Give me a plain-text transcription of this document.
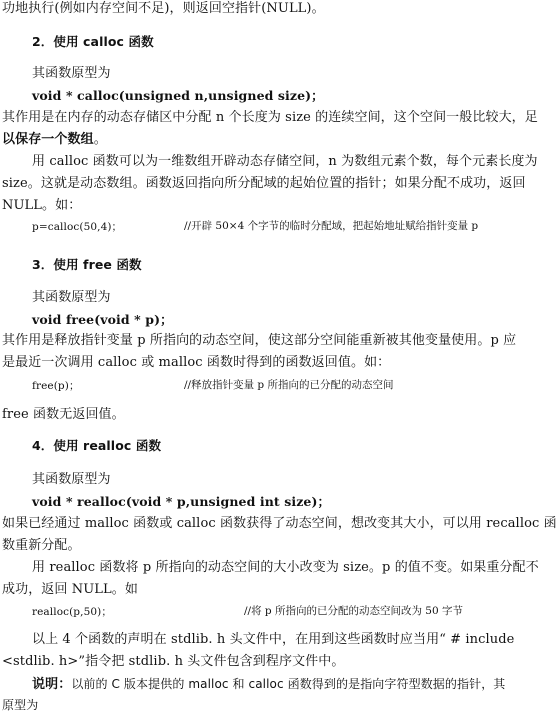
功地执行(例如内存空间不足)，则返回空指针(NULL)。
2．使用 calloc 函数
其函数原型为
void * calloc(unsigned n,unsigned size)；
其作用是在内存的动态存储区中分配 n 个长度为 size 的连续空间，这个空间一般比较大，足
以保存一个数组。
用 calloc 函数可以为一维数组开辟动态存储空间，n 为数组元素个数，每个元素长度为
size。这就是动态数组。函数返回指向所分配域的起始位置的指针；如果分配不成功，返回
NULL。如：
p=calloc(50,4)；	//开辟 50×4 个字节的临时分配域，把起始地址赋给指针变量 p
3．使用 free 函数
其函数原型为
void free(void * p)；
其作用是释放指针变量 p 所指向的动态空间，使这部分空间能重新被其他变量使用。p 应
是最近一次调用 calloc 或 malloc 函数时得到的函数返回值。如：
free(p)；	//释放指针变量 p 所指向的已分配的动态空间
free 函数无返回值。
4．使用 realloc 函数
其函数原型为
void * realloc(void * p,unsigned int size)；
如果已经通过 malloc 函数或 calloc 函数获得了动态空间，想改变其大小，可以用 recalloc 函
数重新分配。
用 realloc 函数将 p 所指向的动态空间的大小改变为 size。p 的值不变。如果重分配不
成功，返回 NULL。如
realloc(p,50)；	//将 p 所指向的已分配的动态空间改为 50 字节
以上 4 个函数的声明在 stdlib. h 头文件中，在用到这些函数时应当用“ # include
<stdlib. h>”指令把 stdlib. h 头文件包含到程序文件中。
说明：以前的 C 版本提供的 malloc 和 calloc 函数得到的是指向字符型数据的指针，其
原型为
